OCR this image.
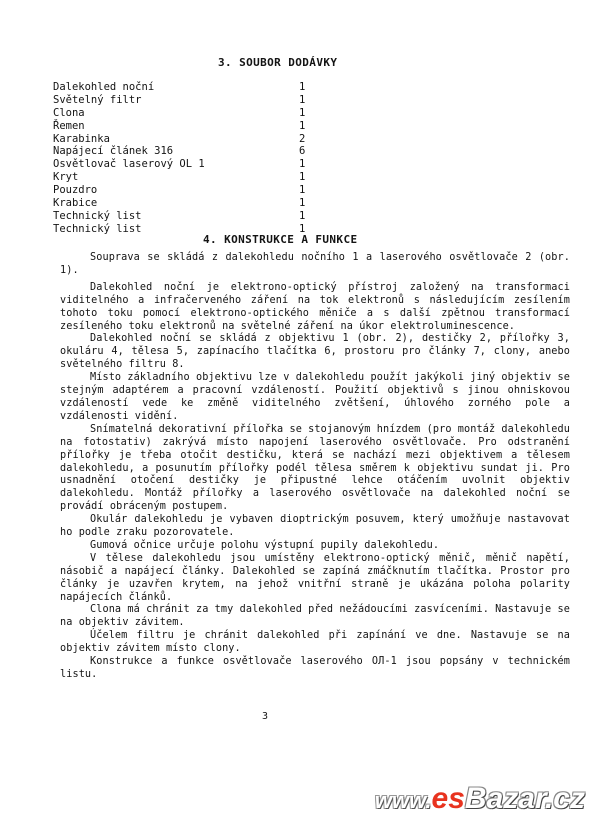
3. SOUBOR DODÁVKY
Dalekohled noční	1
Světelný filtr	1
Clona	1
Řemen	1
Karabinka	2
Napájecí článek 316	6
Osvětlovač laserový OL 1	1
Kryt	1
Pouzdro	1
Krabice	1
Technický list	1
Technický list	1
4. KONSTRUKCE A FUNKCE

Souprava se skládá z dalekohledu nočního 1 a laserového osvětlovače 2 (obr. 1).

Dalekohled noční je elektrono-optický přístroj založený na transformaci viditelného a infračerveného záření na tok elektronů s následujícím zesílením tohoto toku pomocí elektrono-optického měniče a s další zpětnou transformací zesíleného toku elektronů na světelné záření na úkor elektroluminescence.

Dalekohled noční se skládá z objektivu 1 (obr. 2), destičky 2, přílořky 3, okuláru 4, tělesa 5, zapínacího tlačítka 6, prostoru pro články 7, clony, anebo světelného filtru 8.

Místo základního objektivu lze v dalekohledu použít jakýkoli jiný objektiv se stejným adaptérem a pracovní vzdáleností. Použití objektivů s jinou ohniskovou vzdáleností vede ke změně viditelného zvětšení, úhlového zorného pole a vzdálenosti vidění.

Snímatelná dekorativní přílořka se stojanovým hnízdem (pro montáž dalekohledu na fotostativ) zakrývá místo napojení laserového osvětlovače. Pro odstranění přílořky je třeba otočit destičku, která se nachází mezi objektivem a tělesem dalekohledu, a posunutím přílořky podél tělesa směrem k objektivu sundat ji. Pro usnadnění otočení destičky je připustné lehce otáčením uvolnit objektiv dalekohledu. Montáž přílořky a laserového osvětlovače na dalekohled noční se provádí obráceným postupem.

Okulár dalekohledu je vybaven dioptrickým posuvem, který umožňuje nastavovat ho podle zraku pozorovatele.

Gumová očnice určuje polohu výstupní pupily dalekohledu.

V tělese dalekohledu jsou umístěny elektrono-optický měnič, měnič napětí, násobič a napájecí články. Dalekohled se zapíná zmáčknutím tlačítka. Prostor pro články je uzavřen krytem, na jehož vnitřní straně je ukázána poloha polarity napájecích článků.

Clona má chránit za tmy dalekohled před nežádoucími zasvíceními. Nastavuje se na objektiv závitem.

Účelem filtru je chránit dalekohled při zapínání ve dne. Nastavuje se na objektiv závitem místo clony.

Konstrukce a funkce osvětlovače laserového OЛ-1 jsou popsány v technickém listu.

3
www.esBazar.cz
